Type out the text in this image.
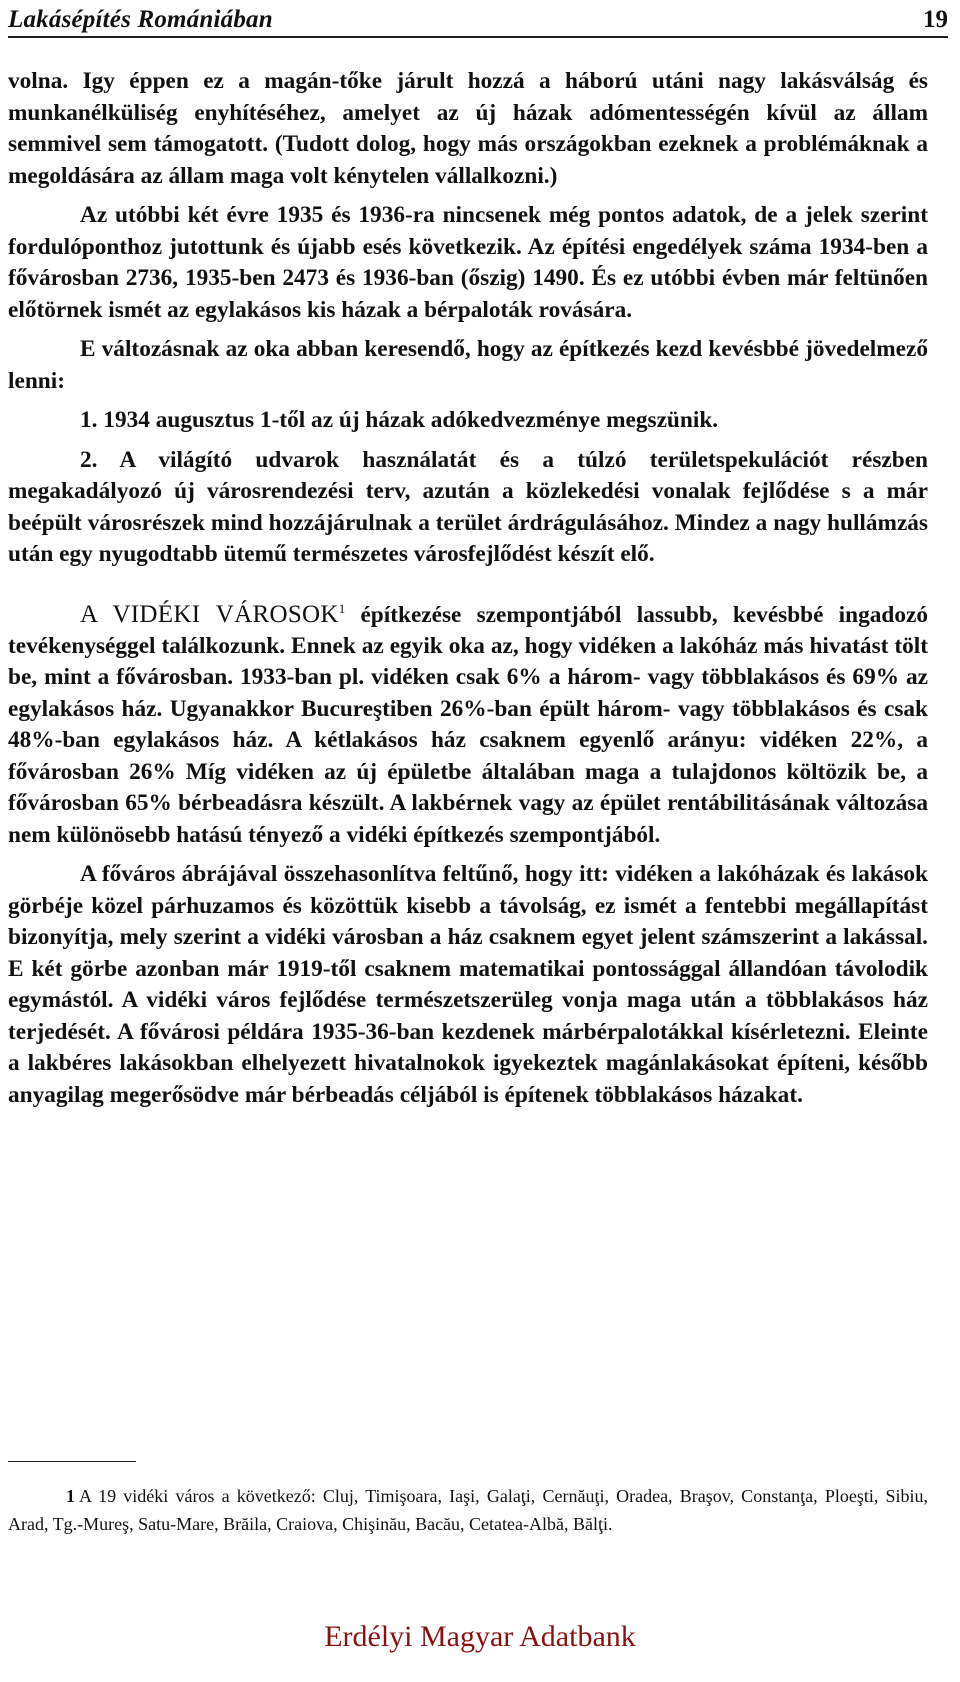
Lakásépítés Romániában	19

volna. Igy éppen ez a magán-tőke járult hozzá a háború utáni nagy lakásválság és munkanélküliség enyhítéséhez, amelyet az új házak adómentességén kívül az állam semmivel sem támogatott. (Tudott dolog, hogy más országokban ezeknek a problémáknak a megoldására az állam maga volt kénytelen vállalkozni.)

Az utóbbi két évre 1935 és 1936-ra nincsenek még pontos adatok, de a jelek szerint fordulóponthoz jutottunk és újabb esés következik. Az építési engedélyek száma 1934-ben a fővárosban 2736, 1935-ben 2473 és 1936-ban (őszig) 1490. És ez utóbbi évben már feltünően előtörnek ismét az egylakásos kis házak a bérpaloták rovására.

E változásnak az oka abban keresendő, hogy az építkezés kezd kevésbbé jövedelmező lenni:

1. 1934 augusztus 1-től az új házak adókedvezménye megszünik.

2. A világító udvarok használatát és a túlzó területspekulációt részben megakadályozó új városrendezési terv, azután a közlekedési vonalak fejlődése s a már beépült városrészek mind hozzájárulnak a terület árdrágulásához. Mindez a nagy hullámzás után egy nyugodtabb ütemű természetes városfejlődést készít elő.

A VIDÉKI VÁROSOK$^1$ építkezése szempontjából lassubb, kevésbbé ingadozó tevékenységgel találkozunk. Ennek az egyik oka az, hogy vidéken a lakóház más hivatást tölt be, mint a fővárosban. 1933-ban pl. vidéken csak 6% a három- vagy többlakásos és 69% az egylakásos ház. Ugyanakkor Bucureştiben 26%-ban épült három- vagy többlakásos és csak 48%-ban egylakásos ház. A kétlakásos ház csaknem egyenlő arányu: vidéken 22%, a fővárosban 26% Míg vidéken az új épületbe általában maga a tulajdonos költözik be, a fővárosban 65% bérbeadásra készült. A lakbérnek vagy az épület rentábilitásának változása nem különösebb hatású tényező a vidéki építkezés szempontjából.

A főváros ábrájával összehasonlítva feltűnő, hogy itt: vidéken a lakóházak és lakások görbéje közel párhuzamos és közöttük kisebb a távolság, ez ismét a fentebbi megállapítást bizonyítja, mely szerint a vidéki városban a ház csaknem egyet jelent számszerint a lakással. E két görbe azonban már 1919-től csaknem matematikai pontossággal állandóan távolodik egymástól. A vidéki város fejlődése természetszerüleg vonja maga után a többlakásos ház terjedését. A fővárosi példára 1935-36-ban kezdenek márbérpalotákkal kísérletezni. Eleinte a lakbéres lakásokban elhelyezett hivatalnokok igyekeztek magánlakásokat építeni, később anyagilag megerősödve már bérbeadás céljából is építenek többlakásos házakat.

1 A 19 vidéki város a következő: Cluj, Timişoara, Iaşi, Galaţi, Cernăuţi, Oradea, Braşov, Constanţa, Ploeşti, Sibiu, Arad, Tg.-Mureş, Satu-Mare, Brăila, Craiova, Chişinău, Bacău, Cetatea-Albă, Bălţi.
Erdélyi Magyar Adatbank
